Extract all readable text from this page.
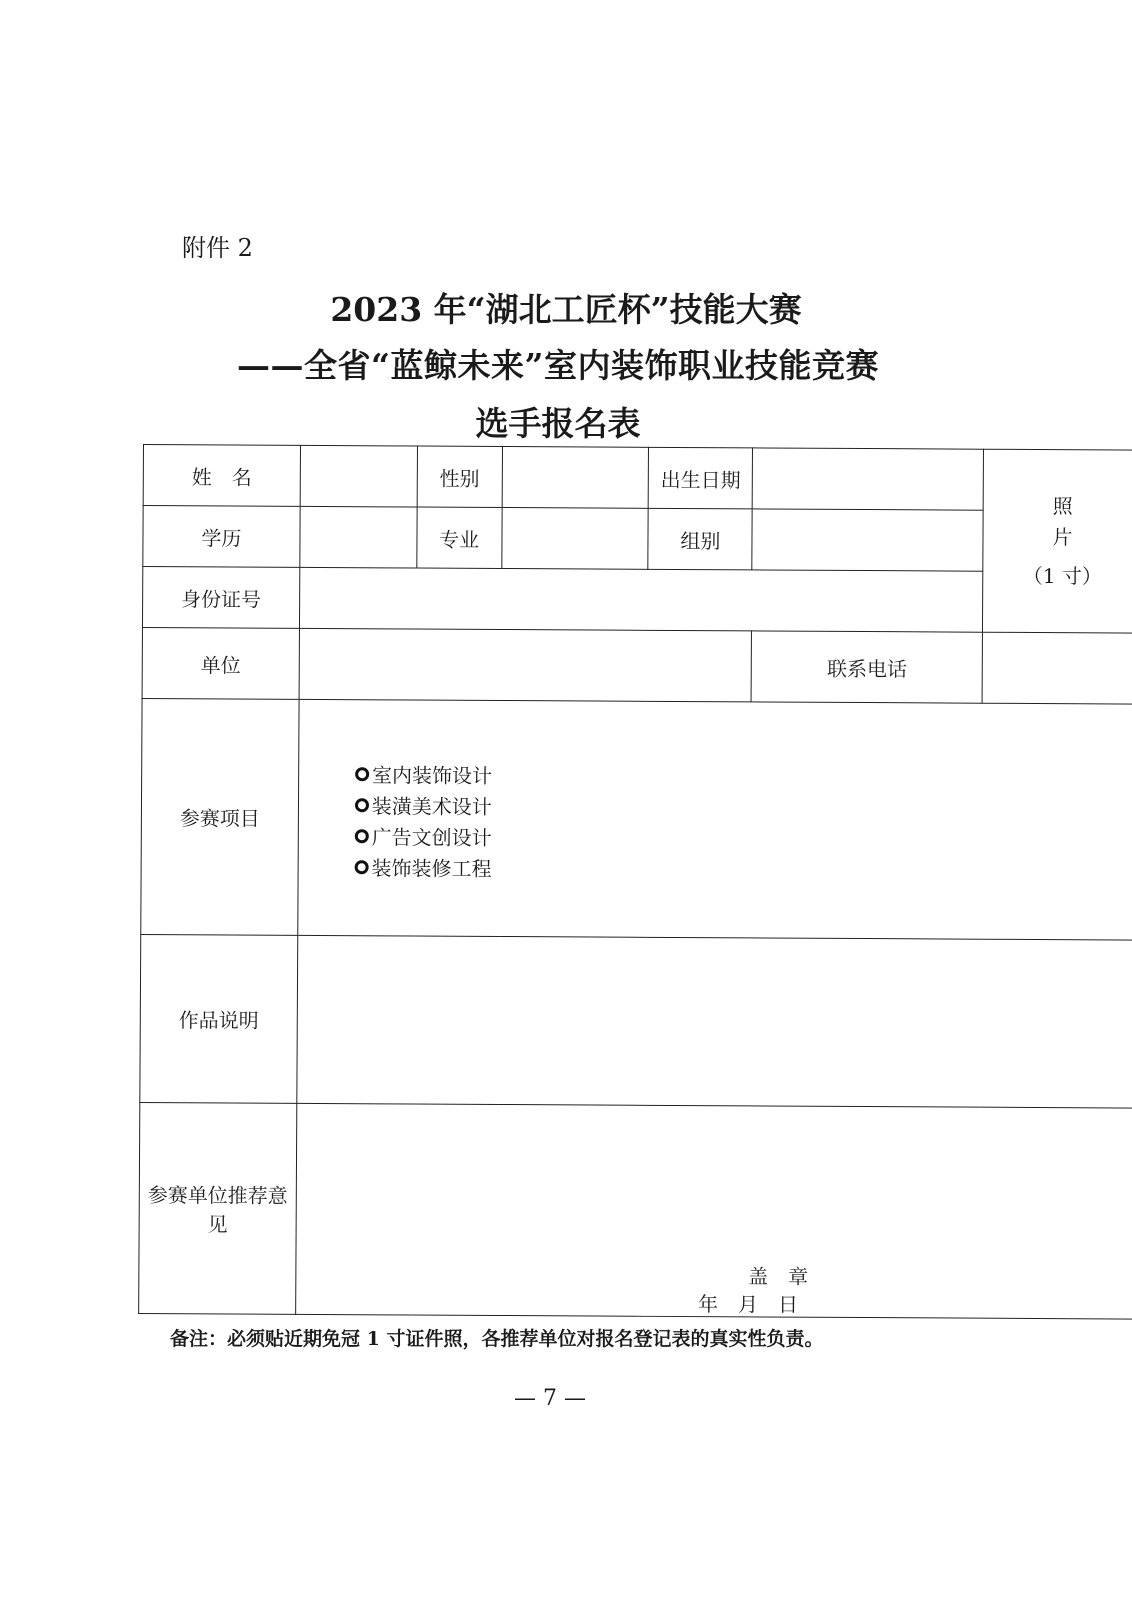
附件 2
2023 年“湖北工匠杯”技能大赛
——全省“蓝鲸未来”室内装饰职业技能竞赛
选手报名表
姓　名		性别		出生日期		照
片
（1 寸）

学历		专业		组别		
身份证号						
单位					联系电话	
参赛项目	室内装饰设计
装潢美术设计
广告文创设计
装饰装修工程					

作品说明						
参赛单位推荐意见	盖　章
年　月　日					
备注：必须贴近期免冠 1 寸证件照，各推荐单位对报名登记表的真实性负责。
— 7 —
